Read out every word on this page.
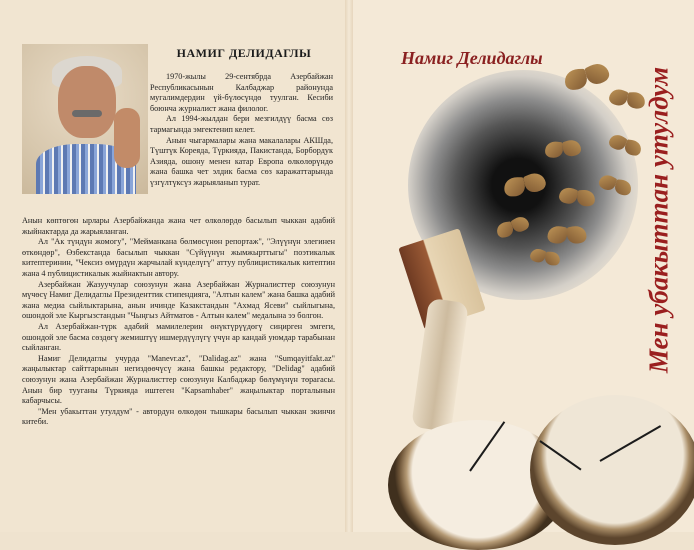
НАМИГ ДЕЛИДАГЛЫ

1970-жылы 29-сентябрда Азербайжан Республикасынын Калбаджар районунда мугалимдердин үй-бүлөсүндө туулган. Кесиби боюнча журналист жана филолог.

Ал 1994-жылдан бери мезгилдүү басма сөз тармагында эмгектенип келет.

Анын чыгармалары жана макалалары АКШда, Түштүк Кореяда, Түркияда, Пакистанда, Борбордук Азияда, ошону менен катар Европа өлкөлөрүндө жана башка чет элдик басма сөз каражаттарында үзгүлтүксүз жарыяланып турат.

Анын көптөгөн ырлары Азербайжанда жана чет өлкөлөрдө басылып чыккан адабий жыйнактарда да жарыяланган.

Ал "Ак түндүн жомогу", "Мейманкана бөлмөсүнөн репортаж", "Элүүнүн элегинен өткөндөр", Өзбекстанда басылып чыккан "Сүйүүнүн жымжырттыгы" поэтикалык китептеринин, "Чексиз өмүрдүн жарчылай күнделүгү" аттуу публицистикалык китептин жана 4 публицистикалык жыйнактын автору.

Азербайжан Жазуучулар союзунун жана Азербайжан Журналисттер союзунун мүчөсү Намиг Делидаглы Президенттик стипендияга, "Алтын калем" жана башка адабий жана медиа сыйлыктарына, анын ичинде Казакстандын "Ахмад Ясеви" сыйлыгына, ошондой эле Кыргызстандын "Чыңгыз Айтматов - Алтын калем" медалына ээ болгон.

Ал Азербайжан-түрк адабий мамилелерин өнүктүрүүдөгү сиңирген эмгеги, ошондой эле басма сөздөгү жемиштүү ишмердүүлүгү үчүн ар кандай уюмдар тарабынан сыйланган.

Намиг Делидаглы учурда "Manevr.az", "Dalidag.az" жана "Sumqayitfakt.az" жаңылыктар сайттарынын негиздөөчүсү жана башкы редактору, "Delidag" адабий союзунун жана Азербайжан Журналисттер союзунун Калбаджар бөлүмүнүн төрагасы. Анын бир тууганы Түркияда иштеген "Kapsamhaber" жаңылыктар порталынын кабарчысы.

"Мен убакыттан утулдум" - автордун өлкөдөн тышкары басылып чыккан экинчи китеби.

Намиг Делидаглы
Мен убакыттан утулдум
